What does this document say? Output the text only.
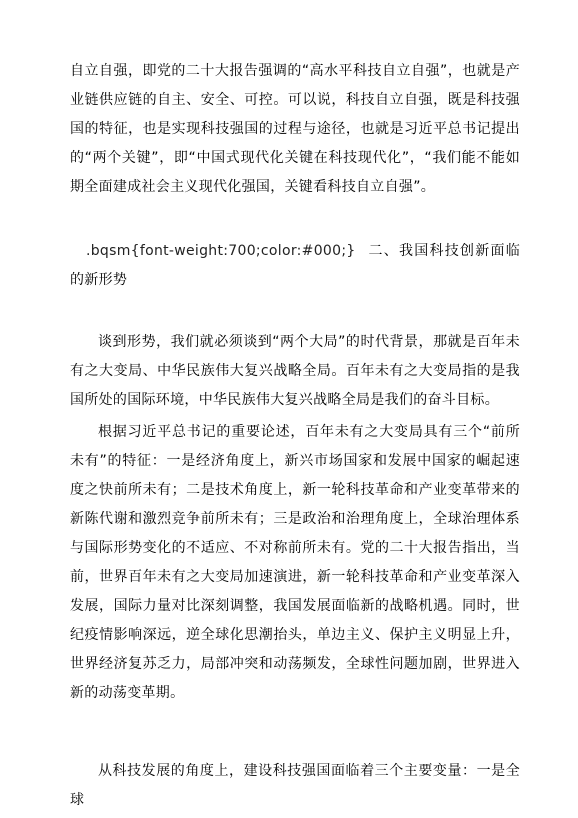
自立自强，即党的二十大报告强调的“高水平科技自立自强”，也就是产业链供应链的自主、安全、可控。可以说，科技自立自强，既是科技强国的特征，也是实现科技强国的过程与途径，也就是习近平总书记提出的“两个关键”，即“中国式现代化关键在科技现代化”，“我们能不能如期全面建成社会主义现代化强国，关键看科技自立自强”。

.bqsm{font-weight:700;color:#000;} 二、我国科技创新面临的新形势

谈到形势，我们就必须谈到“两个大局”的时代背景，那就是百年未有之大变局、中华民族伟大复兴战略全局。百年未有之大变局指的是我国所处的国际环境，中华民族伟大复兴战略全局是我们的奋斗目标。

根据习近平总书记的重要论述，百年未有之大变局具有三个“前所未有”的特征：一是经济角度上，新兴市场国家和发展中国家的崛起速度之快前所未有；二是技术角度上，新一轮科技革命和产业变革带来的新陈代谢和激烈竞争前所未有；三是政治和治理角度上，全球治理体系与国际形势变化的不适应、不对称前所未有。党的二十大报告指出，当前，世界百年未有之大变局加速演进，新一轮科技革命和产业变革深入发展，国际力量对比深刻调整，我国发展面临新的战略机遇。同时，世纪疫情影响深远，逆全球化思潮抬头，单边主义、保护主义明显上升，世界经济复苏乏力，局部冲突和动荡频发，全球性问题加剧，世界进入新的动荡变革期。

从科技发展的角度上，建设科技强国面临着三个主要变量：一是全球
